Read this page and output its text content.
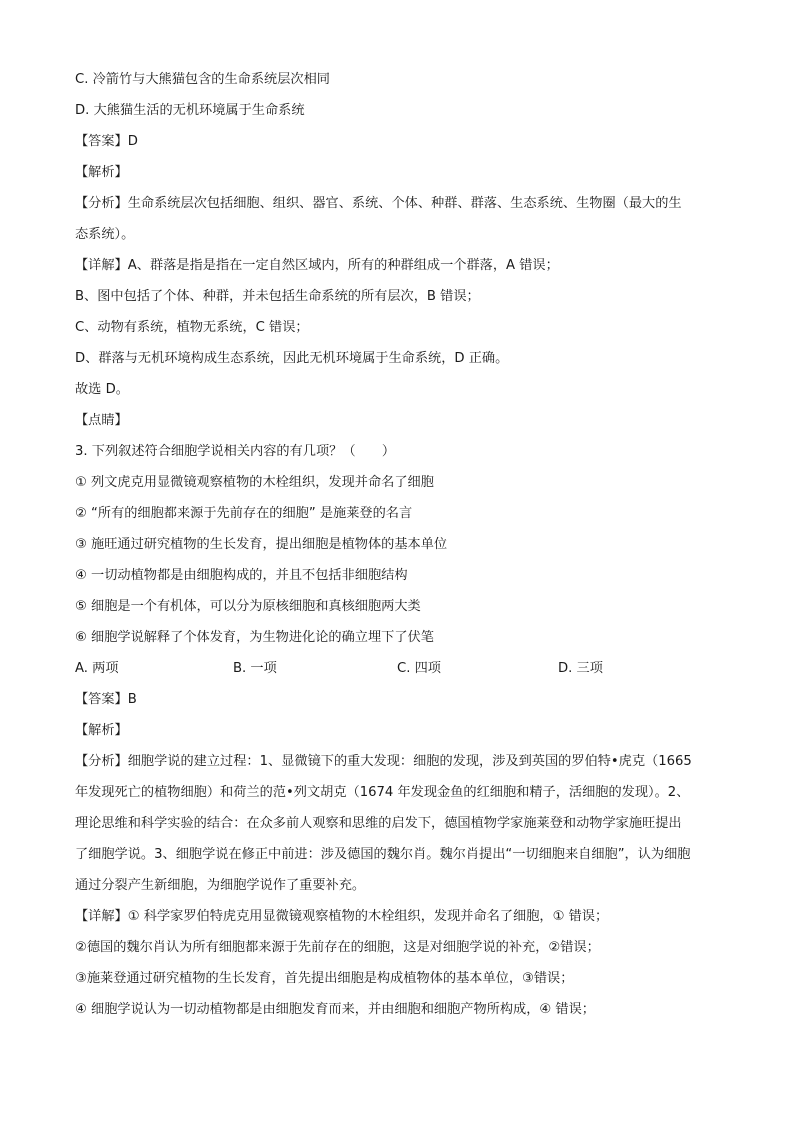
C. 冷箭竹与大熊猫包含的生命系统层次相同
D. 大熊猫生活的无机环境属于生命系统
【答案】D
【解析】
【分析】生命系统层次包括细胞、组织、器官、系统、个体、种群、群落、生态系统、生物圈（最大的生
态系统）。
【详解】A、群落是指是指在一定自然区域内，所有的种群组成一个群落，A 错误；
B、图中包括了个体、种群，并未包括生命系统的所有层次，B 错误；
C、动物有系统，植物无系统，C 错误；
D、群落与无机环境构成生态系统，因此无机环境属于生命系统，D 正确。
故选 D。
【点睛】
3. 下列叙述符合细胞学说相关内容的有几项？（　　）
① 列文虎克用显微镜观察植物的木栓组织，发现并命名了细胞
② “所有的细胞都来源于先前存在的细胞” 是施莱登的名言
③ 施旺通过研究植物的生长发育，提出细胞是植物体的基本单位
④ 一切动植物都是由细胞构成的，并且不包括非细胞结构
⑤ 细胞是一个有机体，可以分为原核细胞和真核细胞两大类
⑥ 细胞学说解释了个体发育，为生物进化论的确立埋下了伏笔
A. 两项	B. 一项	C. 四项	D. 三项
【答案】B
【解析】
【分析】细胞学说的建立过程：1、显微镜下的重大发现：细胞的发现，涉及到英国的罗伯特•虎克（1665
年发现死亡的植物细胞）和荷兰的范•列文胡克（1674 年发现金鱼的红细胞和精子，活细胞的发现）。2、
理论思维和科学实验的结合：在众多前人观察和思维的启发下，德国植物学家施莱登和动物学家施旺提出
了细胞学说。3、细胞学说在修正中前进：涉及德国的魏尔肖。魏尔肖提出“一切细胞来自细胞”，认为细胞
通过分裂产生新细胞，为细胞学说作了重要补充。
【详解】① 科学家罗伯特虎克用显微镜观察植物的木栓组织，发现并命名了细胞，① 错误；
②德国的魏尔肖认为所有细胞都来源于先前存在的细胞，这是对细胞学说的补充，②错误；
③施莱登通过研究植物的生长发育，首先提出细胞是构成植物体的基本单位，③错误；
④ 细胞学说认为一切动植物都是由细胞发育而来，并由细胞和细胞产物所构成，④ 错误；
